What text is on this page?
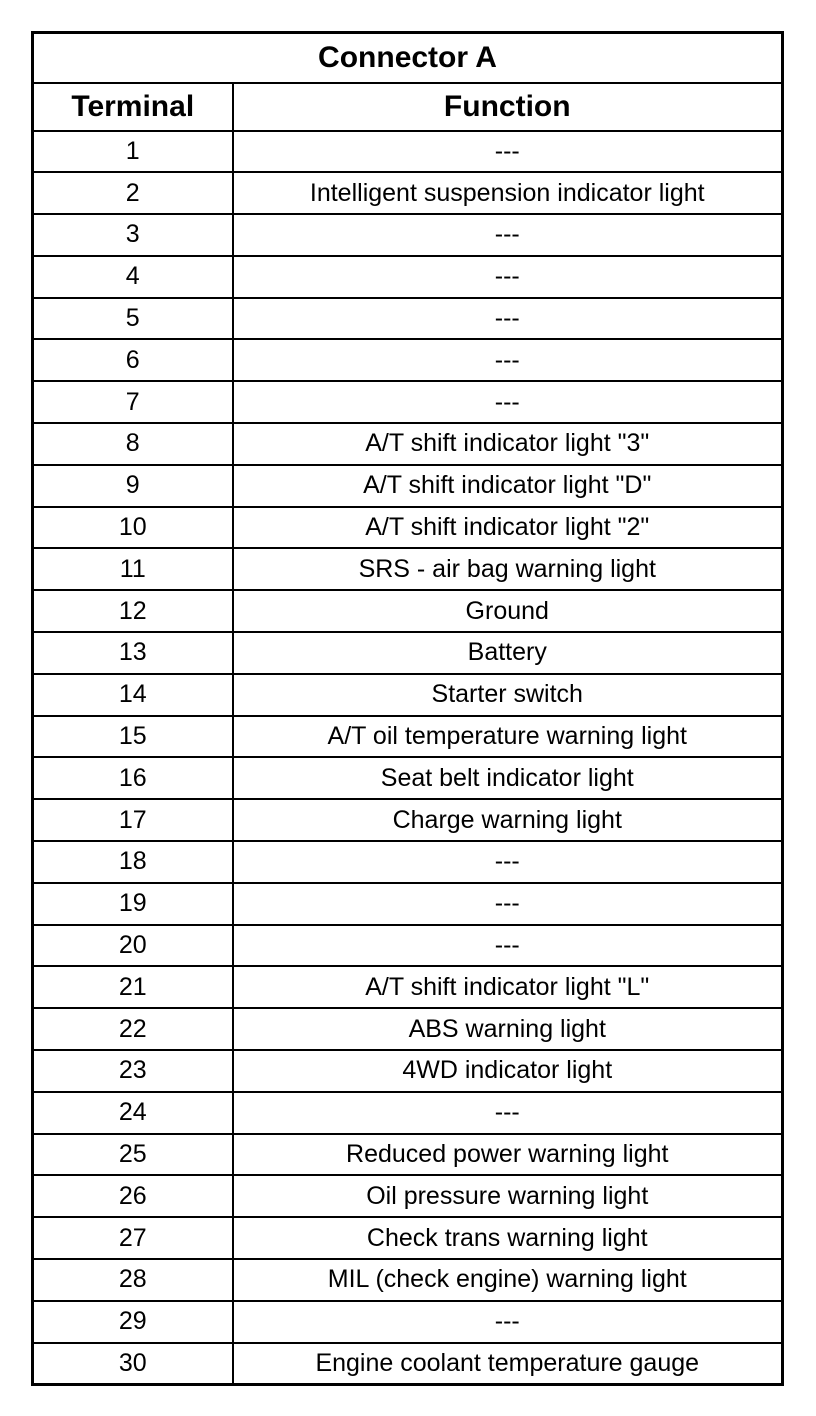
Connector A	
Terminal	Function
1	---
2	Intelligent suspension indicator light
3	---
4	---
5	---
6	---
7	---
8	A/T shift indicator light "3"
9	A/T shift indicator light "D"
10	A/T shift indicator light "2"
11	SRS - air bag warning light
12	Ground
13	Battery
14	Starter switch
15	A/T oil temperature warning light
16	Seat belt indicator light
17	Charge warning light
18	---
19	---
20	---
21	A/T shift indicator light "L"
22	ABS warning light
23	4WD indicator light
24	---
25	Reduced power warning light
26	Oil pressure warning light
27	Check trans warning light
28	MIL (check engine) warning light
29	---
30	Engine coolant temperature gauge
